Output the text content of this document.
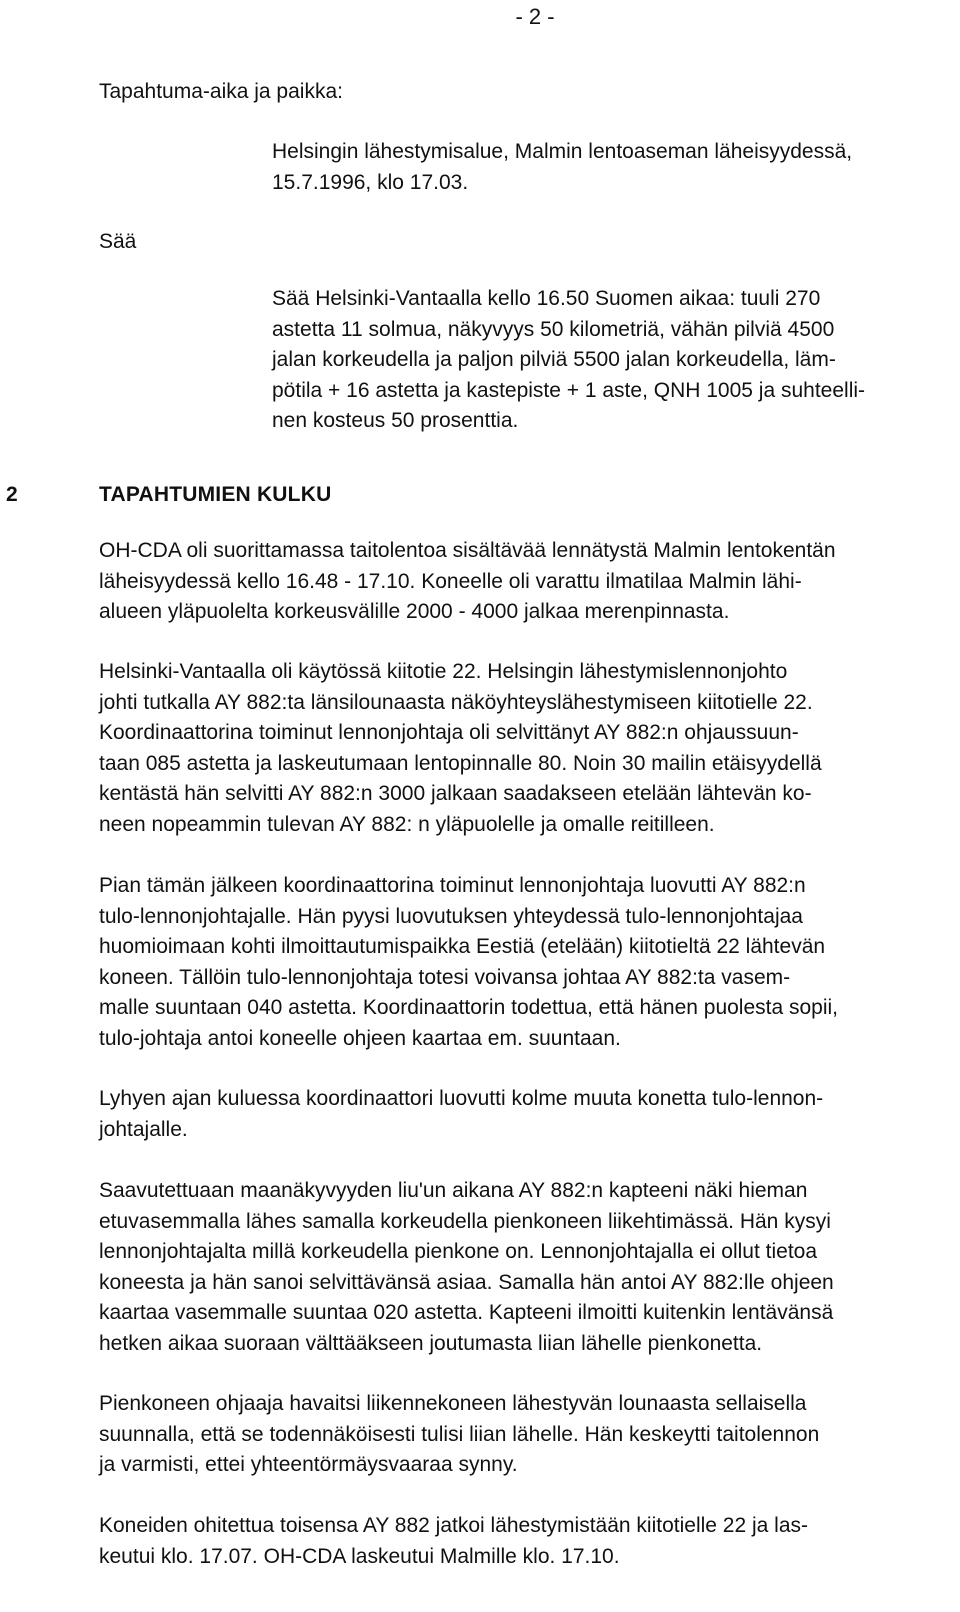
- 2 -
Tapahtuma-aika ja paikka:
Helsingin lähestymisalue, Malmin lentoaseman läheisyydessä,
15.7.1996, klo 17.03.
Sää
Sää Helsinki-Vantaalla kello 16.50 Suomen aikaa: tuuli 270
astetta 11 solmua, näkyvyys 50 kilometriä, vähän pilviä 4500
jalan korkeudella ja paljon pilviä 5500 jalan korkeudella, läm-
pötila + 16 astetta ja kastepiste + 1 aste, QNH 1005 ja suhteelli-
nen kosteus 50 prosenttia.
2	TAPAHTUMIEN KULKU
OH-CDA oli suorittamassa taitolentoa sisältävää lennätystä Malmin lentokentän
läheisyydessä kello 16.48 - 17.10. Koneelle oli varattu ilmatilaa Malmin lähi-
alueen yläpuolelta korkeusvälille 2000 - 4000 jalkaa merenpinnasta.
Helsinki-Vantaalla oli käytössä kiitotie 22. Helsingin lähestymislennonjohto
johti tutkalla AY 882:ta länsilounaasta näköyhteyslähestymiseen kiitotielle 22.
Koordinaattorina toiminut lennonjohtaja oli selvittänyt AY 882:n ohjaussuun-
taan 085 astetta ja laskeutumaan lentopinnalle 80. Noin 30 mailin etäisyydellä
kentästä hän selvitti AY 882:n 3000 jalkaan saadakseen etelään lähtevän ko-
neen nopeammin tulevan AY 882: n yläpuolelle ja omalle reitilleen.
Pian tämän jälkeen koordinaattorina toiminut lennonjohtaja luovutti AY 882:n
tulo-lennonjohtajalle. Hän pyysi luovutuksen yhteydessä tulo-lennonjohtajaa
huomioimaan kohti ilmoittautumispaikka Eestiä (etelään) kiitotieltä 22 lähtevän
koneen. Tällöin tulo-lennonjohtaja totesi voivansa johtaa AY 882:ta vasem-
malle suuntaan 040 astetta. Koordinaattorin todettua, että hänen puolesta sopii,
tulo-johtaja antoi koneelle ohjeen kaartaa em. suuntaan.
Lyhyen ajan kuluessa koordinaattori luovutti kolme muuta konetta tulo-lennon-
johtajalle.
Saavutettuaan maanäkyvyyden liu'un aikana AY 882:n kapteeni näki hieman
etuvasemmalla lähes samalla korkeudella pienkoneen liikehtimässä. Hän kysyi
lennonjohtajalta millä korkeudella pienkone on. Lennonjohtajalla ei ollut tietoa
koneesta ja hän sanoi selvittävänsä asiaa. Samalla hän antoi AY 882:lle ohjeen
kaartaa vasemmalle suuntaa 020 astetta. Kapteeni ilmoitti kuitenkin lentävänsä
hetken aikaa suoraan välttääkseen joutumasta liian lähelle pienkonetta.
Pienkoneen ohjaaja havaitsi liikennekoneen lähestyvän lounaasta sellaisella
suunnalla, että se todennäköisesti tulisi liian lähelle. Hän keskeytti taitolennon
ja varmisti, ettei yhteentörmäysvaaraa synny.
Koneiden ohitettua toisensa AY 882 jatkoi lähestymistään kiitotielle 22 ja las-
keutui klo. 17.07. OH-CDA laskeutui Malmille klo. 17.10.
